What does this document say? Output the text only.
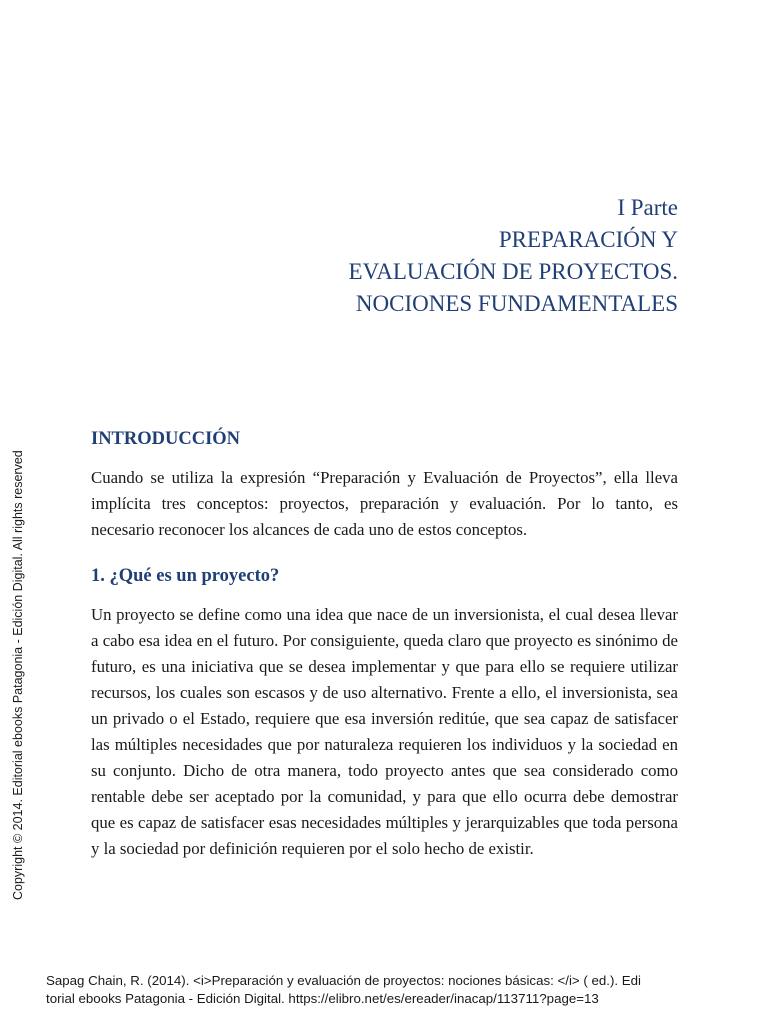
I Parte
PREPARACIÓN Y
EVALUACIÓN DE PROYECTOS.
NOCIONES FUNDAMENTALES
Copyright © 2014. Editorial ebooks Patagonia - Edición Digital. All rights reserved
INTRODUCCIÓN

Cuando se utiliza la expresión “Preparación y Evaluación de Proyectos”, ella lleva implícita tres conceptos: proyectos, preparación y evaluación. Por lo tanto, es necesario reconocer los alcances de cada uno de estos conceptos.

1. ¿Qué es un proyecto?

Un proyecto se define como una idea que nace de un inversionista, el cual desea llevar a cabo esa idea en el futuro. Por consiguiente, queda claro que proyecto es sinónimo de futuro, es una iniciativa que se desea implementar y que para ello se requiere utilizar recursos, los cuales son escasos y de uso alternativo. Frente a ello, el inversionista, sea un privado o el Estado, requiere que esa inversión reditúe, que sea capaz de satisfacer las múltiples necesidades que por naturaleza requieren los individuos y la sociedad en su conjunto. Dicho de otra manera, todo proyecto antes que sea considerado como rentable debe ser aceptado por la comunidad, y para que ello ocurra debe demostrar que es capaz de satisfacer esas necesidades múltiples y jerarquizables que toda persona y la sociedad por definición requieren por el solo hecho de existir.

Sapag Chain, R. (2014). <i>Preparación y evaluación de proyectos: nociones básicas: </i> ( ed.). Edi
torial ebooks Patagonia - Edición Digital. https://elibro.net/es/ereader/inacap/113711?page=13
